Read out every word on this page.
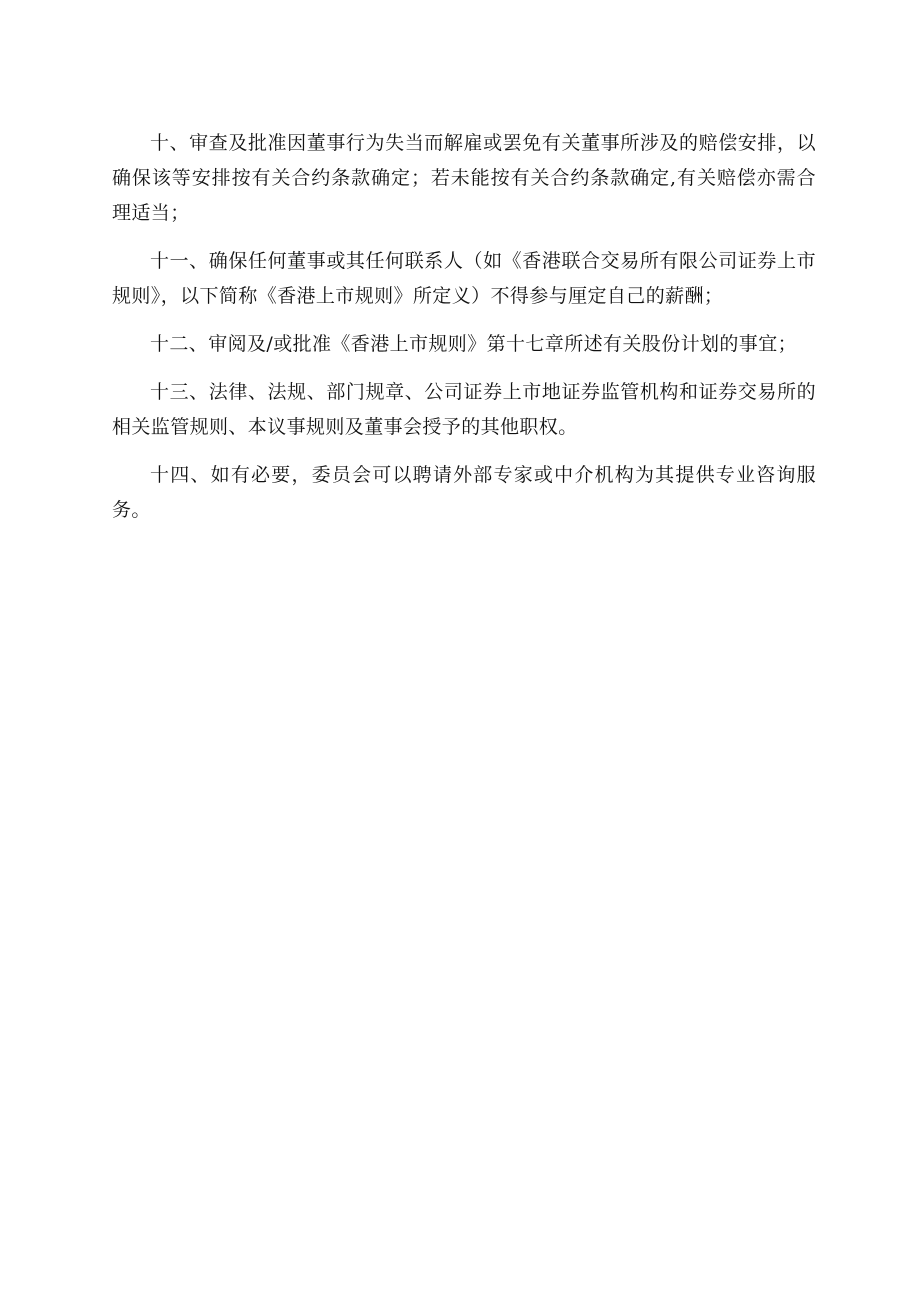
十、审查及批准因董事行为失当而解雇或罢免有关董事所涉及的赔偿安排，以确保该等安排按有关合约条款确定；若未能按有关合约条款确定,有关赔偿亦需合理适当；

十一、确保任何董事或其任何联系人（如《香港联合交易所有限公司证券上市规则》，以下简称《香港上市规则》所定义）不得参与厘定自己的薪酬；

十二、审阅及/或批准《香港上市规则》第十七章所述有关股份计划的事宜；

十三、法律、法规、部门规章、公司证券上市地证券监管机构和证券交易所的相关监管规则、本议事规则及董事会授予的其他职权。

十四、如有必要，委员会可以聘请外部专家或中介机构为其提供专业咨询服务。
